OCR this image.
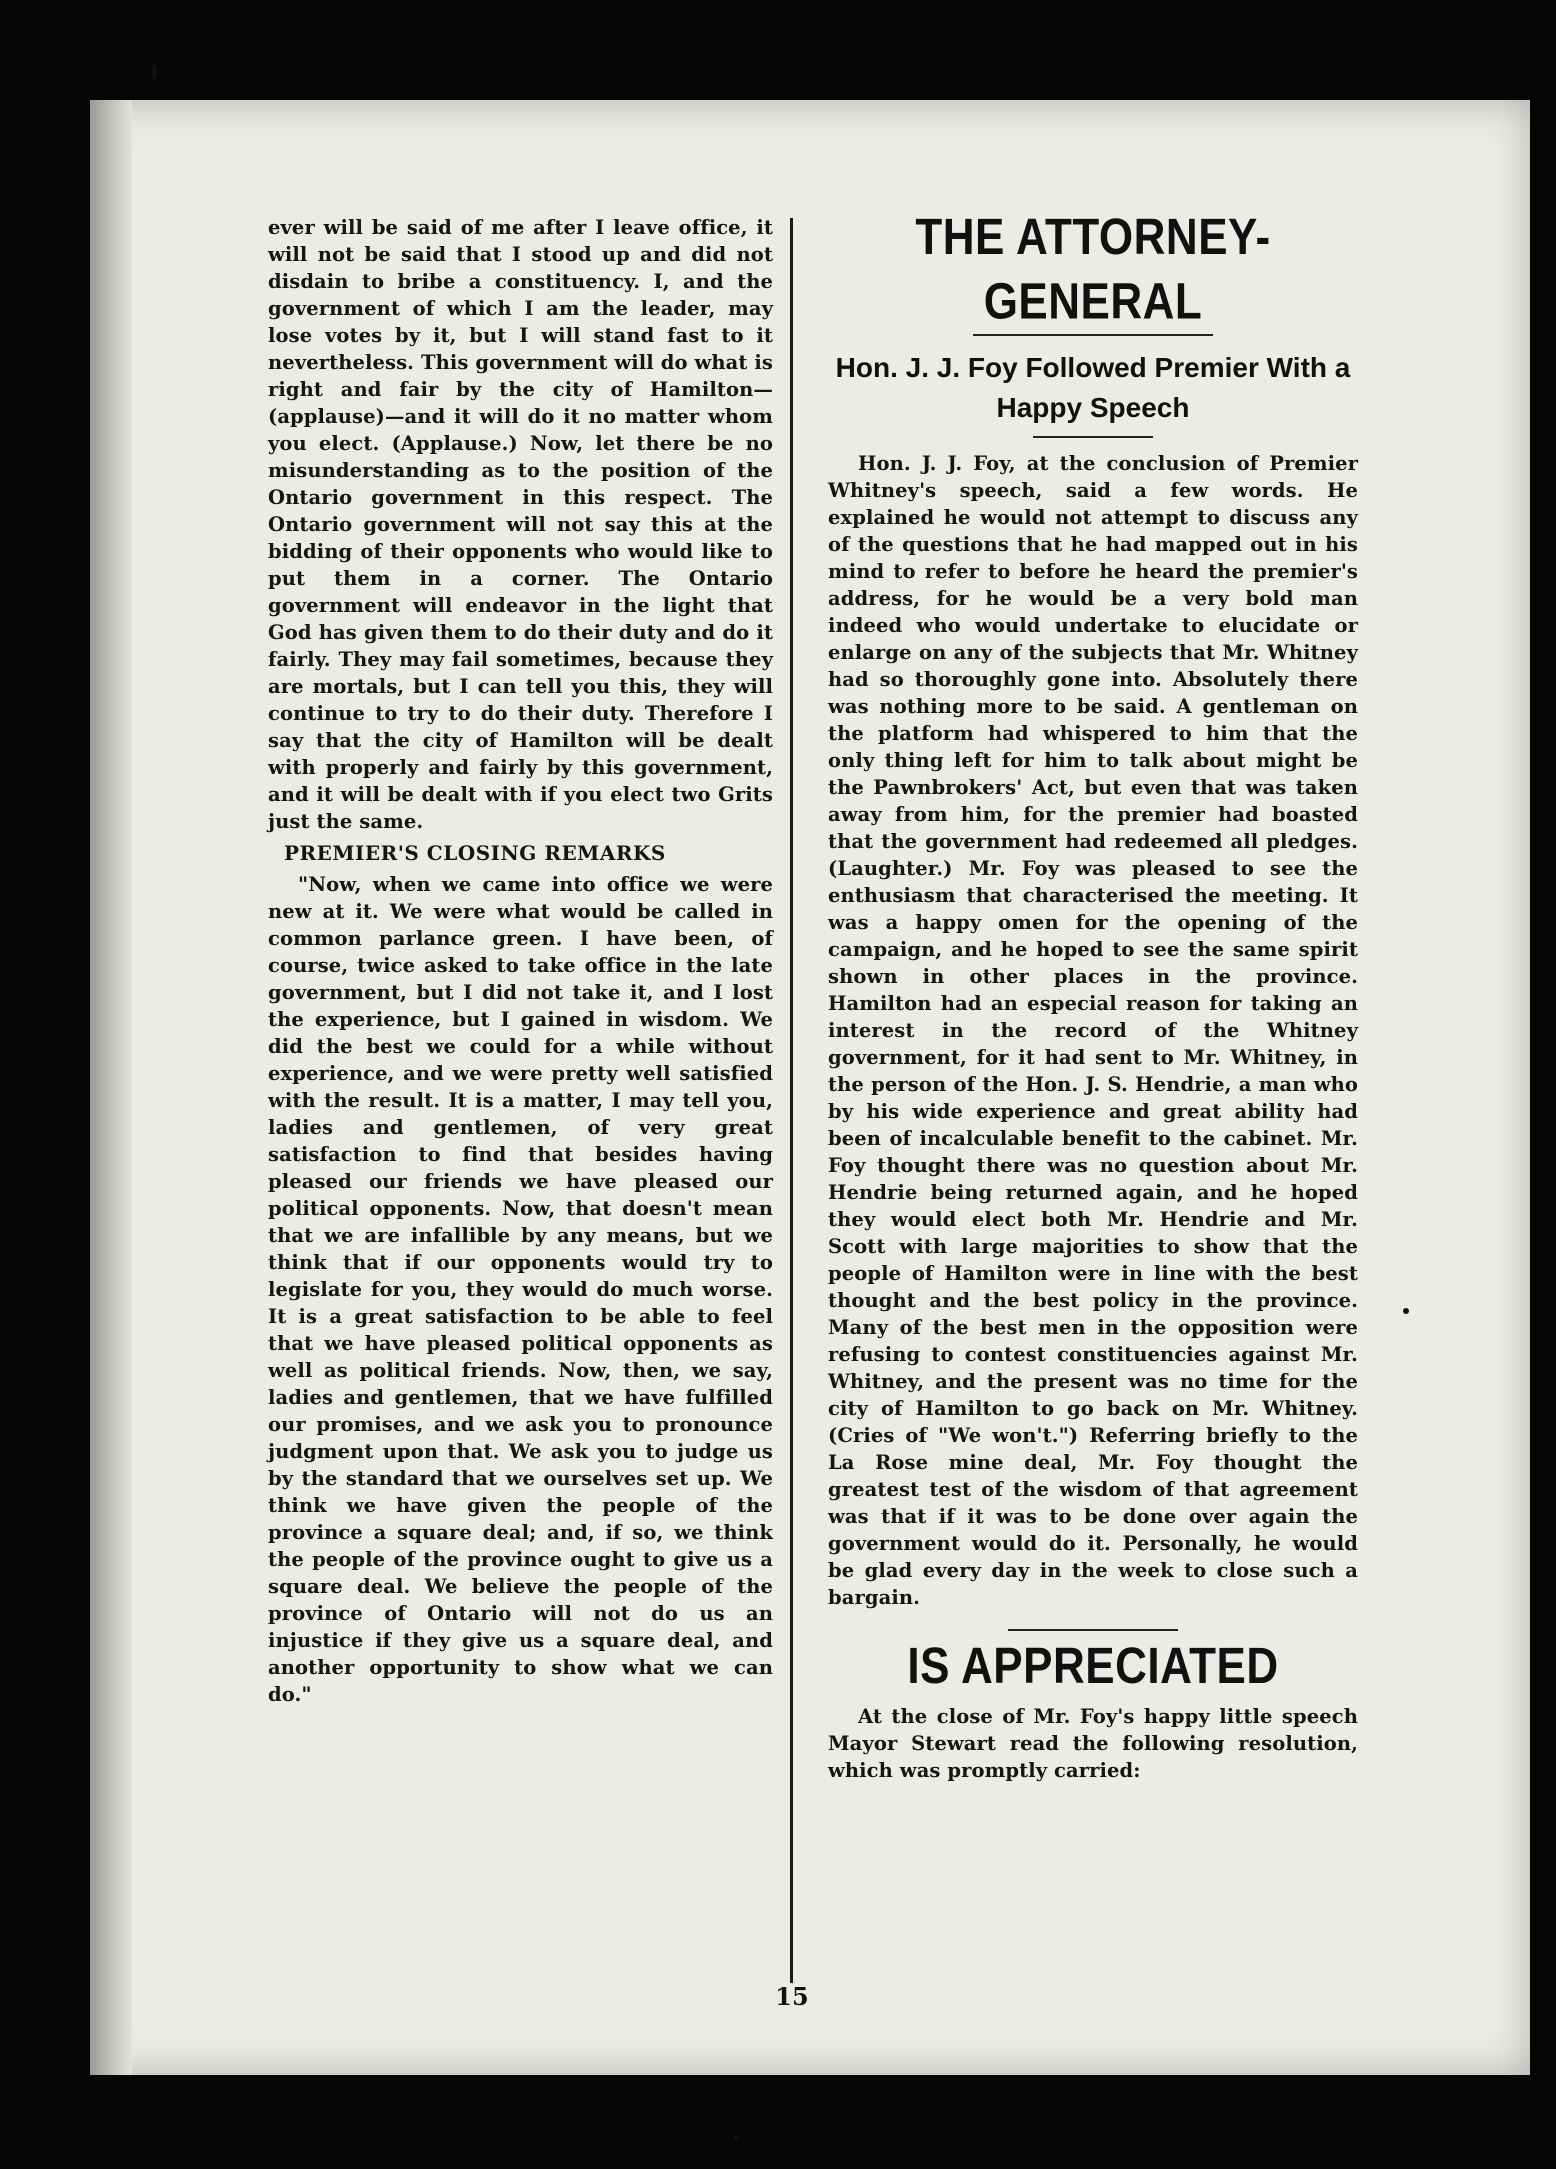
ever will be said of me after I leave office, it will not be said that I stood up and did not disdain to bribe a constituency. I, and the government of which I am the leader, may lose votes by it, but I will stand fast to it nevertheless. This government will do what is right and fair by the city of Hamilton—(applause)—and it will do it no matter whom you elect. (Applause.) Now, let there be no misunderstanding as to the position of the Ontario government in this respect. The Ontario government will not say this at the bidding of their opponents who would like to put them in a corner. The Ontario government will endeavor in the light that God has given them to do their duty and do it fairly. They may fail sometimes, because they are mortals, but I can tell you this, they will continue to try to do their duty. Therefore I say that the city of Hamilton will be dealt with properly and fairly by this government, and it will be dealt with if you elect two Grits just the same.

PREMIER'S CLOSING REMARKS

"Now, when we came into office we were new at it. We were what would be called in common parlance green. I have been, of course, twice asked to take office in the late government, but I did not take it, and I lost the experience, but I gained in wisdom. We did the best we could for a while without experience, and we were pretty well satisfied with the result. It is a matter, I may tell you, ladies and gentlemen, of very great satisfaction to find that besides having pleased our friends we have pleased our political opponents. Now, that doesn't mean that we are infallible by any means, but we think that if our opponents would try to legislate for you, they would do much worse. It is a great satisfaction to be able to feel that we have pleased political opponents as well as political friends. Now, then, we say, ladies and gentlemen, that we have fulfilled our promises, and we ask you to pronounce judgment upon that. We ask you to judge us by the standard that we ourselves set up. We think we have given the people of the province a square deal; and, if so, we think the people of the province ought to give us a square deal. We believe the people of the province of Ontario will not do us an injustice if they give us a square deal, and another opportunity to show what we can do."

THE ATTORNEY-GENERAL
Hon. J. J. Foy Followed Premier With a Happy Speech

Hon. J. J. Foy, at the conclusion of Premier Whitney's speech, said a few words. He explained he would not attempt to discuss any of the questions that he had mapped out in his mind to refer to before he heard the premier's address, for he would be a very bold man indeed who would undertake to elucidate or enlarge on any of the subjects that Mr. Whitney had so thoroughly gone into. Absolutely there was nothing more to be said. A gentleman on the platform had whispered to him that the only thing left for him to talk about might be the Pawnbrokers' Act, but even that was taken away from him, for the premier had boasted that the government had redeemed all pledges. (Laughter.) Mr. Foy was pleased to see the enthusiasm that characterised the meeting. It was a happy omen for the opening of the campaign, and he hoped to see the same spirit shown in other places in the province. Hamilton had an especial reason for taking an interest in the record of the Whitney government, for it had sent to Mr. Whitney, in the person of the Hon. J. S. Hendrie, a man who by his wide experience and great ability had been of incalculable benefit to the cabinet. Mr. Foy thought there was no question about Mr. Hendrie being returned again, and he hoped they would elect both Mr. Hendrie and Mr. Scott with large majorities to show that the people of Hamilton were in line with the best thought and the best policy in the province. Many of the best men in the opposition were refusing to contest constituencies against Mr. Whitney, and the present was no time for the city of Hamilton to go back on Mr. Whitney. (Cries of "We won't.") Referring briefly to the La Rose mine deal, Mr. Foy thought the greatest test of the wisdom of that agreement was that if it was to be done over again the government would do it. Personally, he would be glad every day in the week to close such a bargain.

IS APPRECIATED

At the close of Mr. Foy's happy little speech Mayor Stewart read the following resolution, which was promptly carried:

15
